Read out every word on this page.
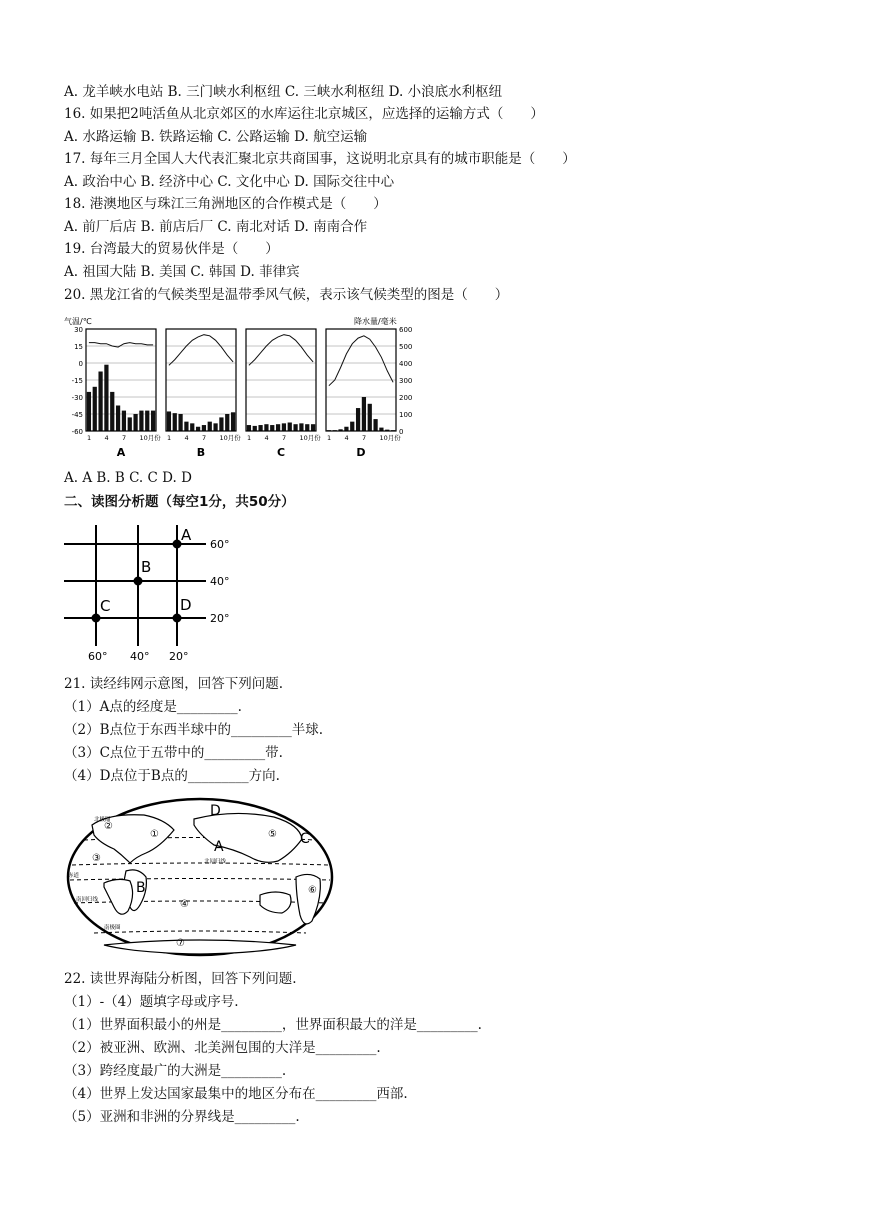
A. 龙羊峡水电站 B. 三门峡水利枢纽 C. 三峡水利枢纽 D. 小浪底水利枢纽
16. 如果把2吨活鱼从北京郊区的水库运往北京城区，应选择的运输方式（　　）
A. 水路运输 B. 铁路运输 C. 公路运输 D. 航空运输
17. 每年三月全国人大代表汇聚北京共商国事，这说明北京具有的城市职能是（　　）
A. 政治中心 B. 经济中心 C. 文化中心 D. 国际交往中心
18. 港澳地区与珠江三角洲地区的合作模式是（　　）
A. 前厂后店 B. 前店后厂 C. 南北对话 D. 南南合作
19. 台湾最大的贸易伙伴是（　　）
A. 祖国大陆 B. 美国 C. 韩国 D. 菲律宾
20. 黑龙江省的气候类型是温带季风气候，表示该气候类型的图是（　　）
气温/℃	降水量/毫米
30
15
0
-15
-30
-45
-60
600
500
400
300
200
100
0
1 4 7 10月份
A
1 4 7 10月份
B
1 4 7 10月份
C
1 4 7 10月份
D
A. A B. B C. C D. D
二、读图分析题（每空1分，共50分）
A
B
C	D
60°
40°
20°
60° 40° 20°
21. 读经纬网示意图，回答下列问题.
（1）A点的经度是_________.
（2）B点位于东西半球中的_________半球.
（3）C点位于五带中的_________带.
（4）D点位于B点的_________方向.
A
B
C
D
①
②
③
④
⑤
⑥
⑦
北极圈
北回归线
赤道
南回归线
南极圈
22. 读世界海陆分析图，回答下列问题.
（1）-（4）题填字母或序号.
（1）世界面积最小的州是_________，世界面积最大的洋是_________.
（2）被亚洲、欧洲、北美洲包围的大洋是_________.
（3）跨经度最广的大洲是_________.
（4）世界上发达国家最集中的地区分布在_________西部.
（5）亚洲和非洲的分界线是_________.
